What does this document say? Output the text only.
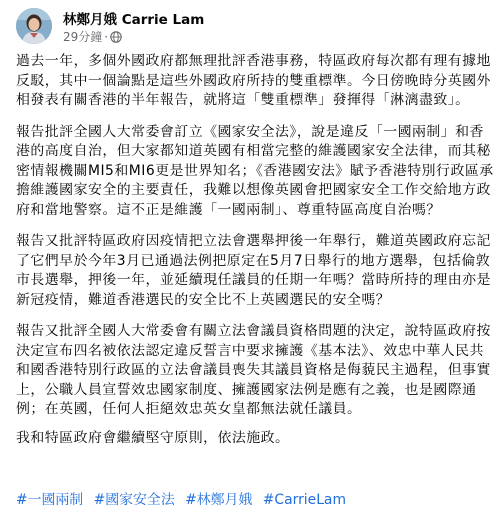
林鄭月娥 Carrie Lam
29分鐘 ·

過去一年，多個外國政府都無理批評香港事務，特區政府每次都有理有據地反駁，其中一個論點是這些外國政府所持的雙重標準。今日傍晚時分英國外相發表有關香港的半年報告，就將這「雙重標準」發揮得「淋漓盡致」。

報告批評全國人大常委會訂立《國家安全法》，說是違反「一國兩制」和香港的高度自治，但大家都知道英國有相當完整的維護國家安全法律，而其秘密情報機關MI5和MI6更是世界知名；《香港國安法》賦予香港特別行政區承擔維護國家安全的主要責任，我難以想像英國會把國家安全工作交給地方政府和當地警察。這不正是維護「一國兩制」、尊重特區高度自治嗎？

報告又批評特區政府因疫情把立法會選舉押後一年舉行，難道英國政府忘記了它們早於今年3月已通過法例把原定在5月7日舉行的地方選舉，包括倫敦市長選舉，押後一年，並延續現任議員的任期一年嗎？當時所持的理由亦是新冠疫情，難道香港選民的安全比不上英國選民的安全嗎？

報告又批評全國人大常委會有關立法會議員資格問題的決定，說特區政府按決定宣布四名被依法認定違反誓言中要求擁護《基本法》、效忠中華人民共和國香港特別行政區的立法會議員喪失其議員資格是侮藐民主過程，但事實上，公職人員宣誓效忠國家制度、擁護國家法例是應有之義，也是國際通例；在英國，任何人拒絕效忠英女皇都無法就任議員。

我和特區政府會繼續堅守原則，依法施政。

#一國兩制 #國家安全法 #林鄭月娥 #CarrieLam
